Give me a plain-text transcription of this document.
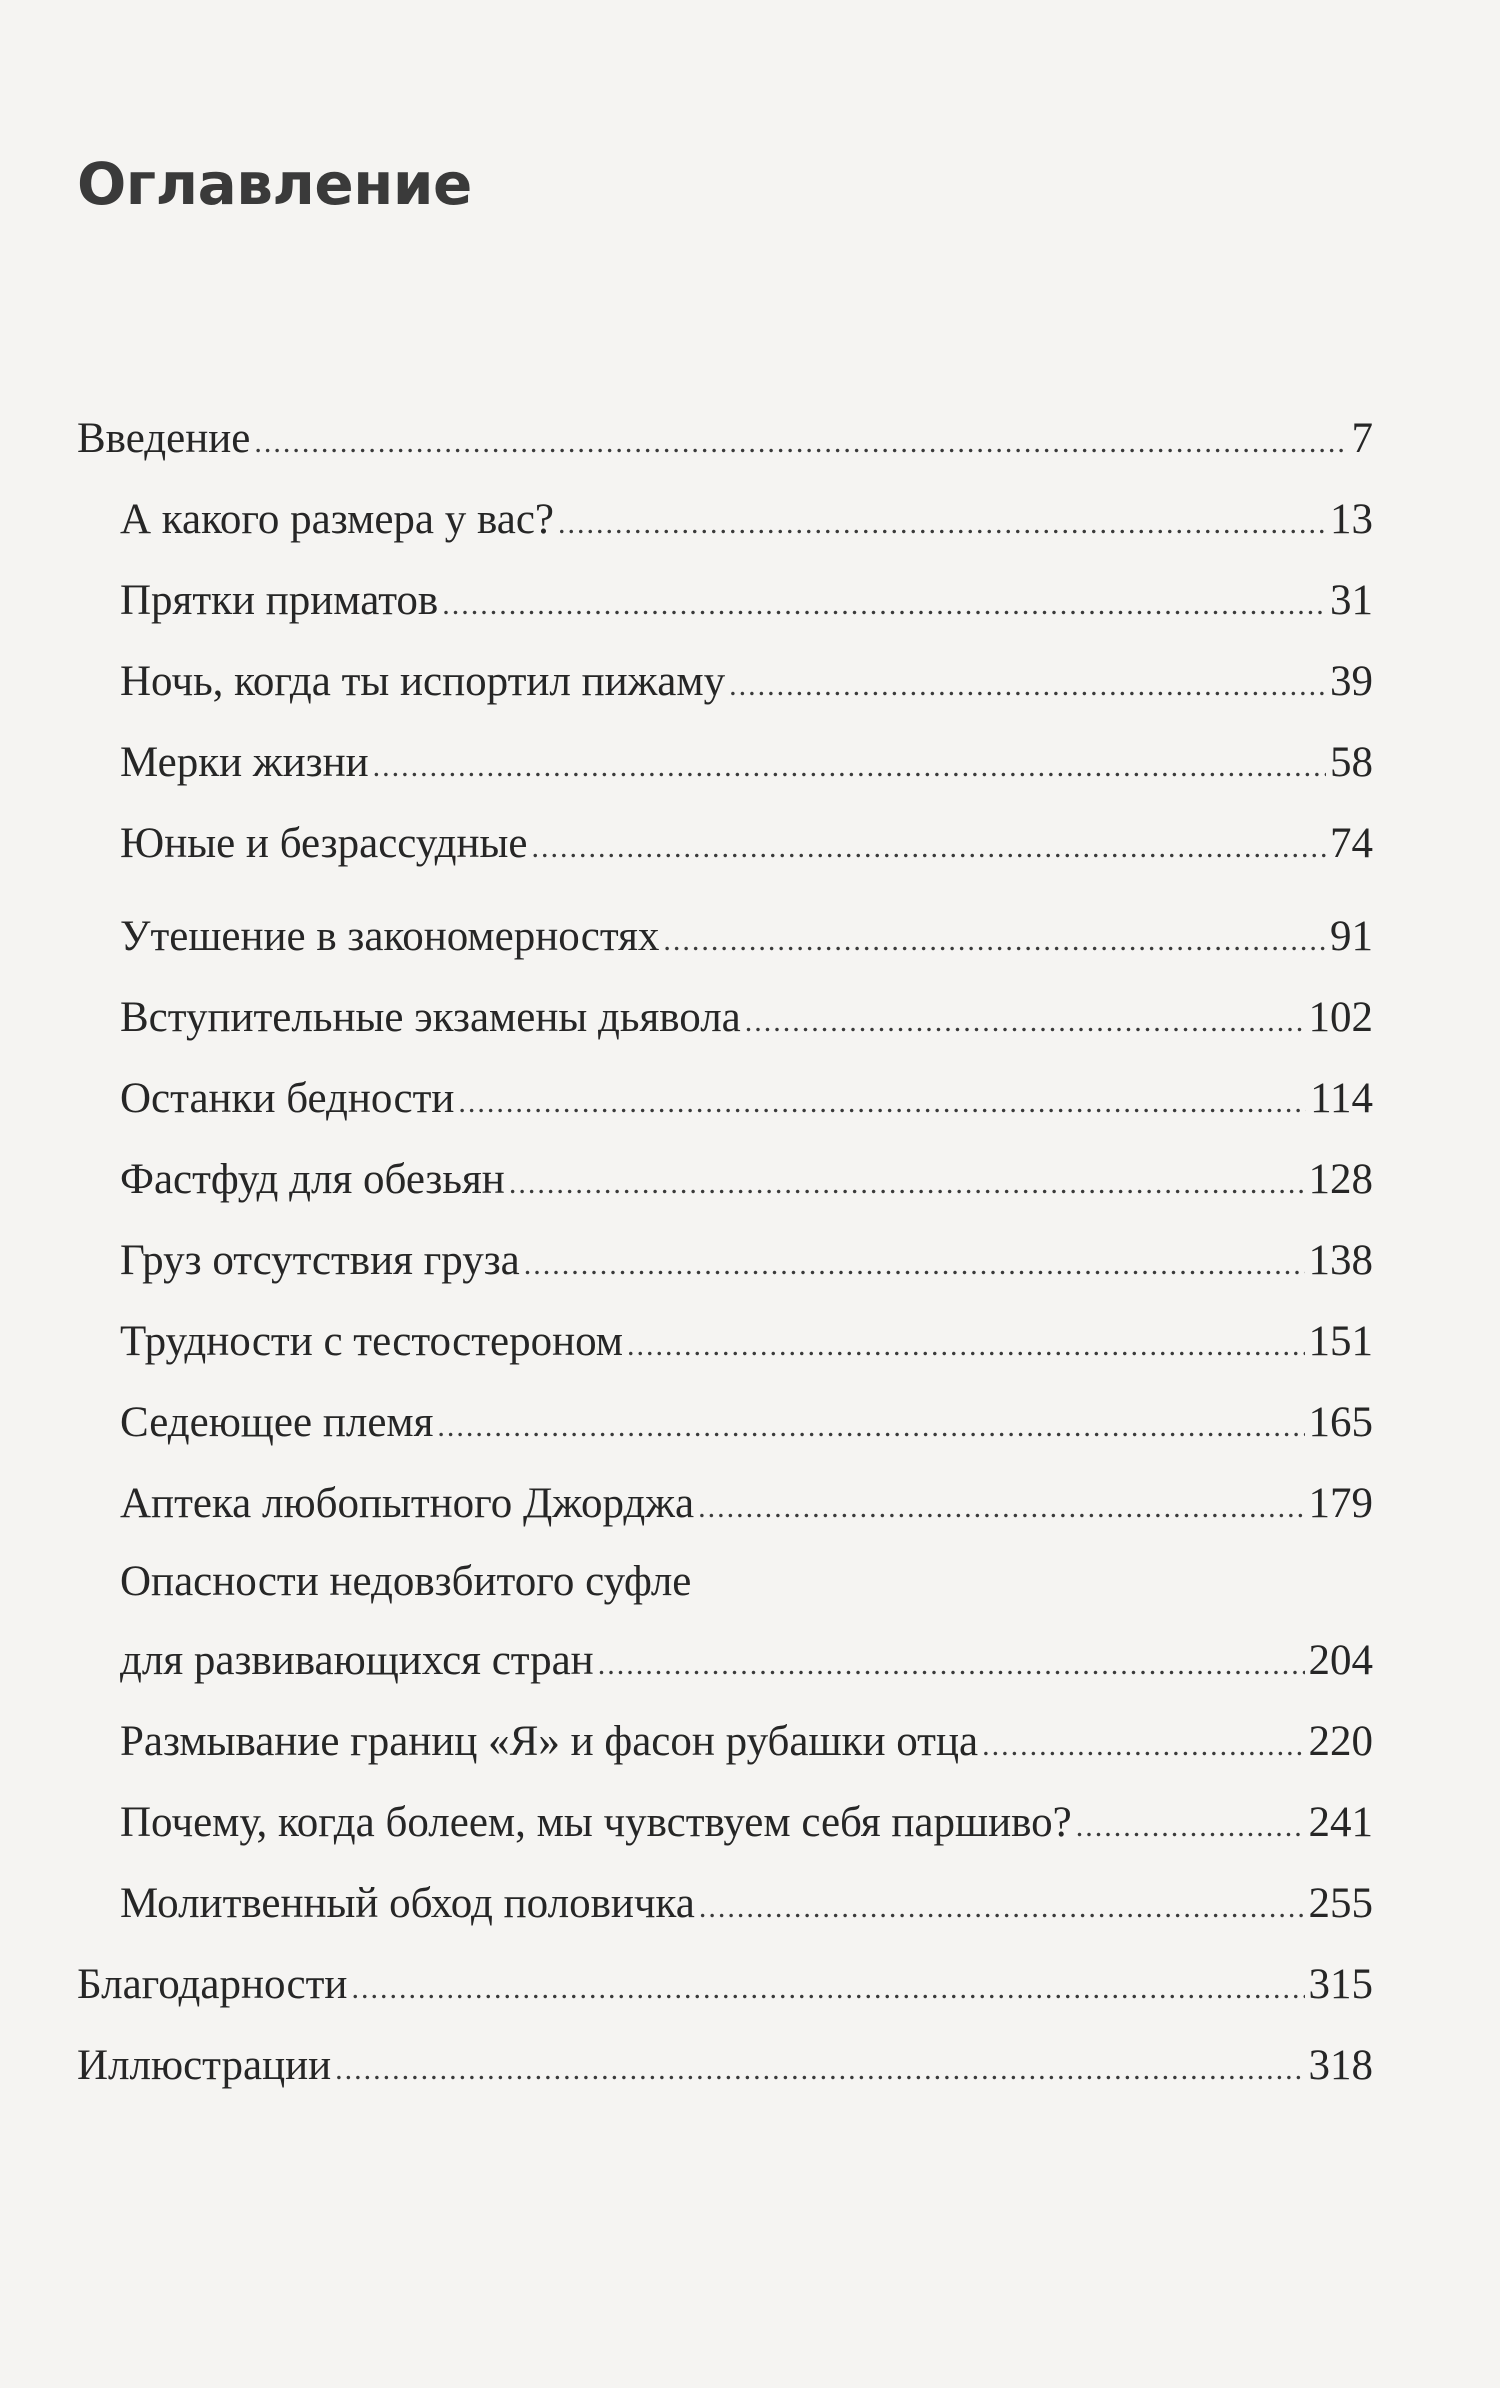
Оглавление
Введение .....	7
А какого размера у вас? .....	13
Прятки приматов .....	31
Ночь, когда ты испортил пижаму .....	39
Мерки жизни .....	58
Юные и безрассудные .....	74
Утешение в закономерностях .....	91
Вступительные экзамены дьявола .....	102
Останки бедности .....	114
Фастфуд для обезьян .....	128
Груз отсутствия груза .....	138
Трудности с тестостероном .....	151
Седеющее племя .....	165
Аптека любопытного Джорджа .....	179
Опасности недовзбитого суфле
для развивающихся стран .....	204
Размывание границ «Я» и фасон рубашки отца .....	220
Почему, когда болеем, мы чувствуем себя паршиво? .....	241
Молитвенный обход половичка .....	255
Благодарности .....	315
Иллюстрации .....	318
